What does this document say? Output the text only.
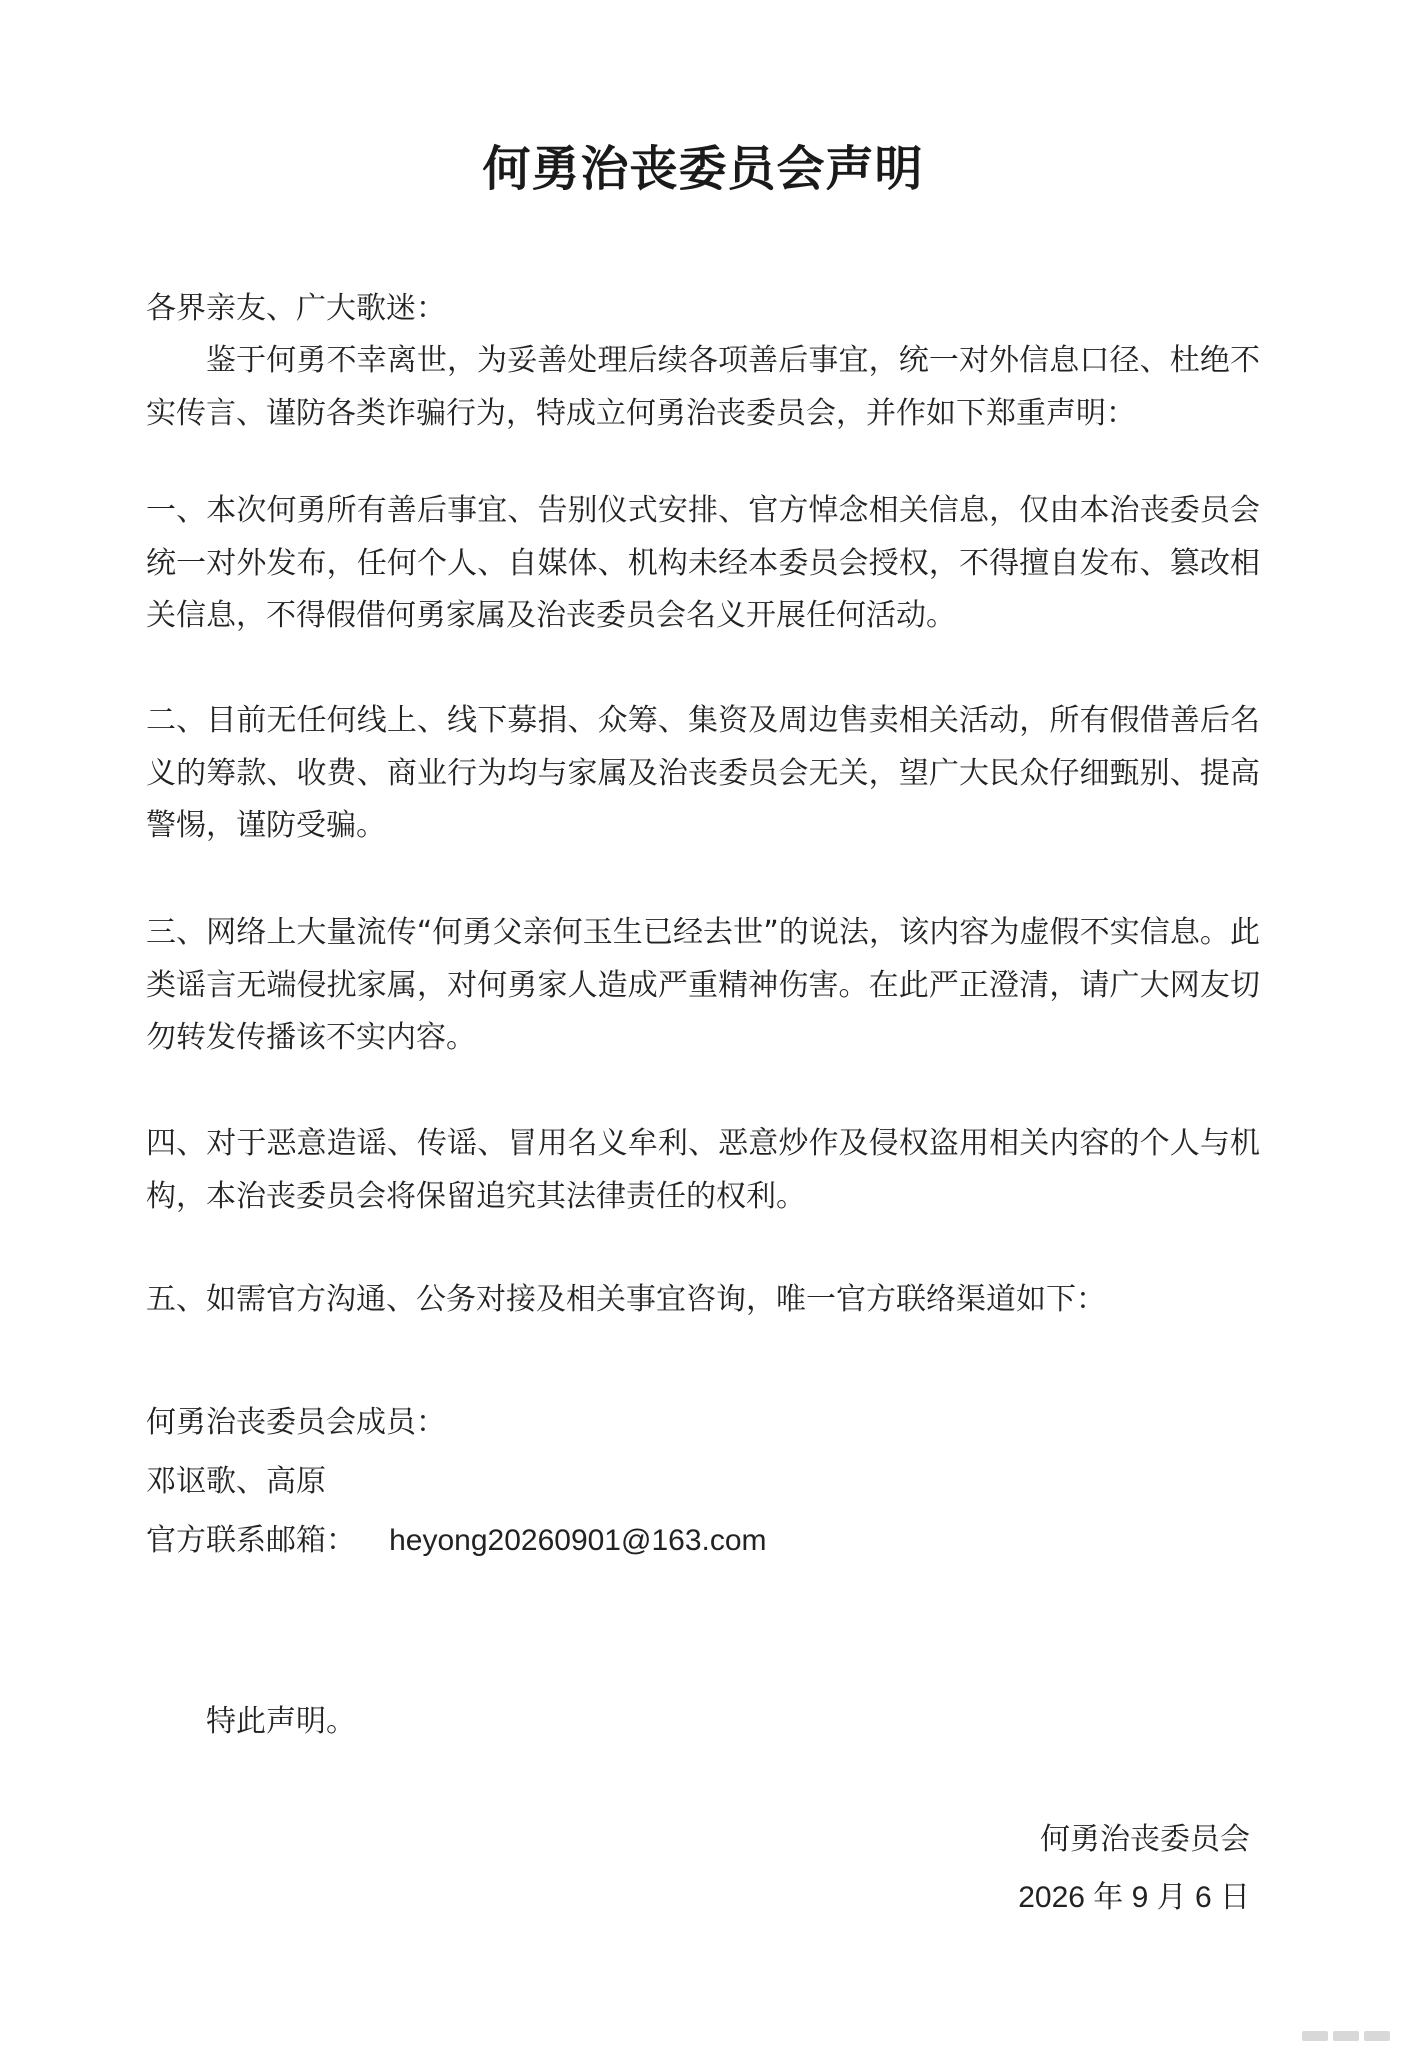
何勇治丧委员会声明

各界亲友、广大歌迷：

鉴于何勇不幸离世，为妥善处理后续各项善后事宜，统一对外信息口径、杜绝不实传言、谨防各类诈骗行为，特成立何勇治丧委员会，并作如下郑重声明：

一、本次何勇所有善后事宜、告别仪式安排、官方悼念相关信息，仅由本治丧委员会统一对外发布，任何个人、自媒体、机构未经本委员会授权，不得擅自发布、篡改相关信息，不得假借何勇家属及治丧委员会名义开展任何活动。

二、目前无任何线上、线下募捐、众筹、集资及周边售卖相关活动，所有假借善后名义的筹款、收费、商业行为均与家属及治丧委员会无关，望广大民众仔细甄别、提高警惕，谨防受骗。

三、网络上大量流传“何勇父亲何玉生已经去世”的说法，该内容为虚假不实信息。此类谣言无端侵扰家属，对何勇家人造成严重精神伤害。在此严正澄清，请广大网友切勿转发传播该不实内容。

四、对于恶意造谣、传谣、冒用名义牟利、恶意炒作及侵权盗用相关内容的个人与机构，本治丧委员会将保留追究其法律责任的权利。

五、如需官方沟通、公务对接及相关事宜咨询，唯一官方联络渠道如下：

何勇治丧委员会成员：

邓讴歌、高原

官方联系邮箱： heyong20260901@163.com

特此声明。

何勇治丧委员会

2026 年 9 月 6 日
